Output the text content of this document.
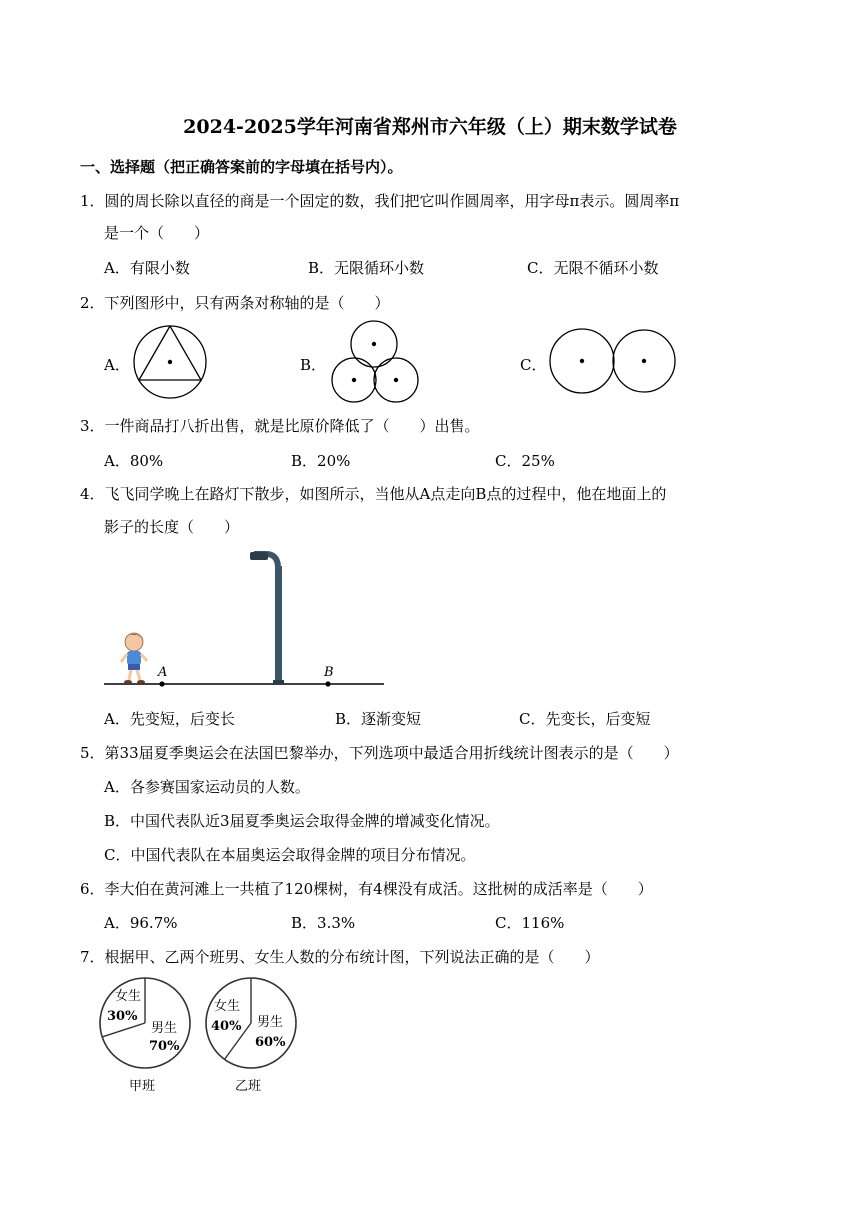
2024-2025学年河南省郑州市六年级（上）期末数学试卷
一、选择题（把正确答案前的字母填在括号内）。
1．圆的周长除以直径的商是一个固定的数，我们把它叫作圆周率，用字母π表示。圆周率π
是一个（　　）
A．有限小数	B．无限循环小数	C．无限不循环小数
2．下列图形中，只有两条对称轴的是（　　）
A．	B．	C．
3．一件商品打八折出售，就是比原价降低了（　　）出售。
A．80%	B．20%	C．25%
4．飞飞同学晚上在路灯下散步，如图所示，当他从A点走向B点的过程中，他在地面上的
影子的长度（　　）
A	B
A．先变短，后变长	B．逐渐变短	C．先变长，后变短
5．第33届夏季奥运会在法国巴黎举办，下列选项中最适合用折线统计图表示的是（　　）
A．各参赛国家运动员的人数。
B．中国代表队近3届夏季奥运会取得金牌的增减变化情况。
C．中国代表队在本届奥运会取得金牌的项目分布情况。
6．李大伯在黄河滩上一共植了120棵树，有4棵没有成活。这批树的成活率是（　　）
A．96.7%	B．3.3%	C．116%
7．根据甲、乙两个班男、女生人数的分布统计图，下列说法正确的是（　　）
女生
30%
男生
70%
甲班
女生
40% 男生
60%
乙班
